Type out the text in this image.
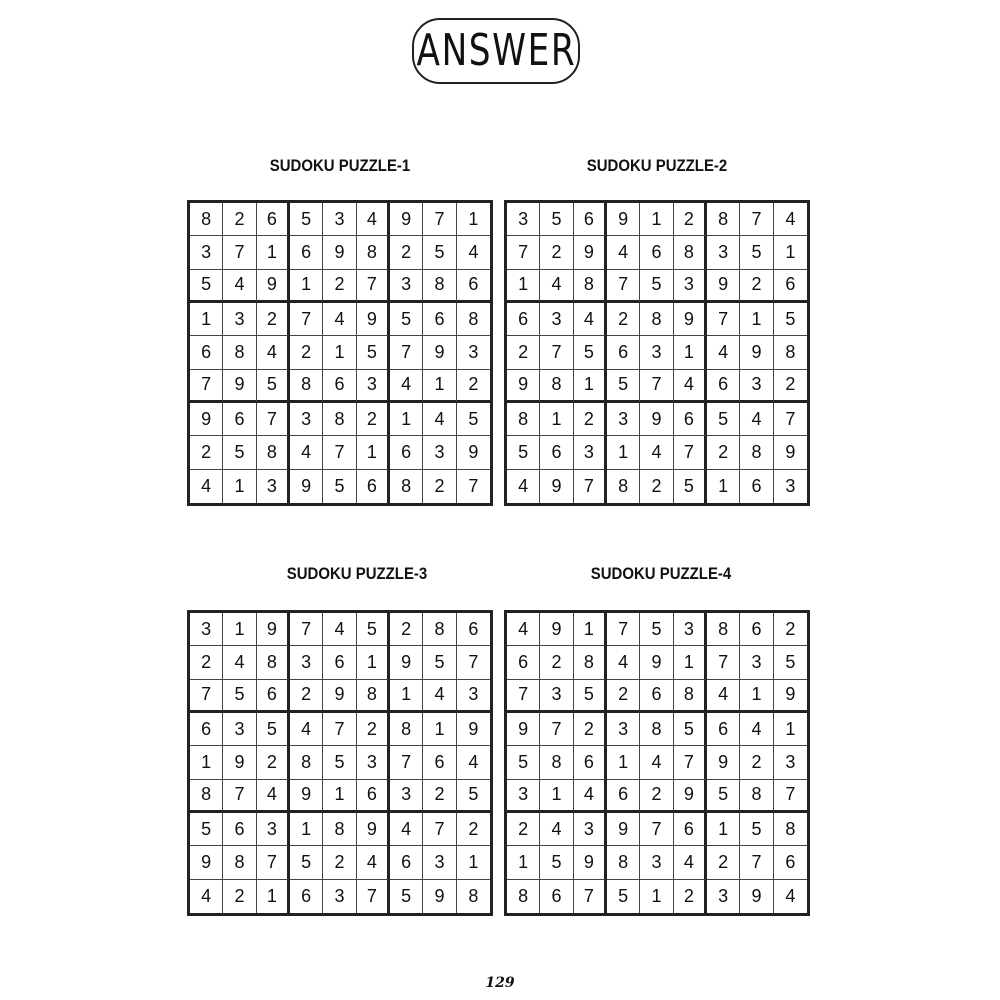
ANSWER
SUDOKU PUZZLE-1
8	2	6	5	3	4	9	7	1
3	7	1	6	9	8	2	5	4
5	4	9	1	2	7	3	8	6
1	3	2	7	4	9	5	6	8
6	8	4	2	1	5	7	9	3
7	9	5	8	6	3	4	1	2
9	6	7	3	8	2	1	4	5
2	5	8	4	7	1	6	3	9
4	1	3	9	5	6	8	2	7
SUDOKU PUZZLE-2
3	5	6	9	1	2	8	7	4
7	2	9	4	6	8	3	5	1
1	4	8	7	5	3	9	2	6
6	3	4	2	8	9	7	1	5
2	7	5	6	3	1	4	9	8
9	8	1	5	7	4	6	3	2
8	1	2	3	9	6	5	4	7
5	6	3	1	4	7	2	8	9
4	9	7	8	2	5	1	6	3
SUDOKU PUZZLE-3
3	1	9	7	4	5	2	8	6
2	4	8	3	6	1	9	5	7
7	5	6	2	9	8	1	4	3
6	3	5	4	7	2	8	1	9
1	9	2	8	5	3	7	6	4
8	7	4	9	1	6	3	2	5
5	6	3	1	8	9	4	7	2
9	8	7	5	2	4	6	3	1
4	2	1	6	3	7	5	9	8
SUDOKU PUZZLE-4
4	9	1	7	5	3	8	6	2
6	2	8	4	9	1	7	3	5
7	3	5	2	6	8	4	1	9
9	7	2	3	8	5	6	4	1
5	8	6	1	4	7	9	2	3
3	1	4	6	2	9	5	8	7
2	4	3	9	7	6	1	5	8
1	5	9	8	3	4	2	7	6
8	6	7	5	1	2	3	9	4
129
